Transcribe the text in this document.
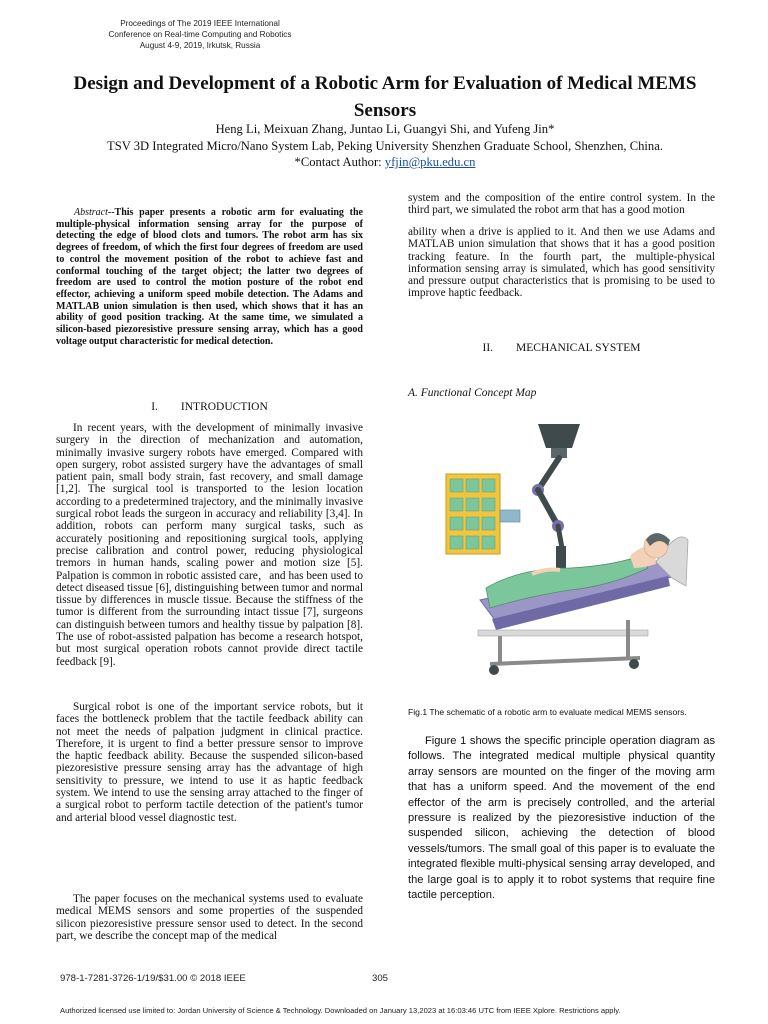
Proceedings of The 2019 IEEE International
Conference on Real-time Computing and Robotics
August 4-9, 2019, Irkutsk, Russia
Design and Development of a Robotic Arm for Evaluation of Medical MEMS
Sensors
Heng Li, Meixuan Zhang, Juntao Li, Guangyi Shi, and Yufeng Jin*
TSV 3D Integrated Micro/Nano System Lab, Peking University Shenzhen Graduate School, Shenzhen, China.
*Contact Author: yfjin@pku.edu.cn
Abstract--This paper presents a robotic arm for evaluating the multiple-physical information sensing array for the purpose of detecting the edge of blood clots and tumors. The robot arm has six degrees of freedom, of which the first four degrees of freedom are used to control the movement position of the robot to achieve fast and conformal touching of the target object; the latter two degrees of freedom are used to control the motion posture of the robot end effector, achieving a uniform speed mobile detection. The Adams and MATLAB union simulation is then used, which shows that it has an ability of good position tracking. At the same time, we simulated a silicon-based piezoresistive pressure sensing array, which has a good voltage output characteristic for medical detection.
I.  INTRODUCTION

In recent years, with the development of minimally invasive surgery in the direction of mechanization and automation, minimally invasive surgery robots have emerged. Compared with open surgery, robot assisted surgery have the advantages of small patient pain, small body strain, fast recovery, and small damage [1,2]. The surgical tool is transported to the lesion location according to a predetermined trajectory, and the minimally invasive surgical robot leads the surgeon in accuracy and reliability [3,4]. In addition, robots can perform many surgical tasks, such as accurately positioning and repositioning surgical tools, applying precise calibration and control power, reducing physiological tremors in human hands, scaling power and motion size [5]. Palpation is common in robotic assisted care，and has been used to detect diseased tissue [6], distinguishing between tumor and normal tissue by differences in muscle tissue. Because the stiffness of the tumor is different from the surrounding intact tissue [7], surgeons can distinguish between tumors and healthy tissue by palpation [8]. The use of robot-assisted palpation has become a research hotspot, but most surgical operation robots cannot provide direct tactile feedback [9].

Surgical robot is one of the important service robots, but it faces the bottleneck problem that the tactile feedback ability can not meet the needs of palpation judgment in clinical practice. Therefore, it is urgent to find a better pressure sensor to improve the haptic feedback ability. Because the suspended silicon-based piezoresistive pressure sensing array has the advantage of high sensitivity to pressure, we intend to use it as haptic feedback system. We intend to use the sensing array attached to the finger of a surgical robot to perform tactile detection of the patient's tumor and arterial blood vessel diagnostic test.

The paper focuses on the mechanical systems used to evaluate medical MEMS sensors and some properties of the suspended silicon piezoresistive pressure sensor used to detect. In the second part, we describe the concept map of the medical

system and the composition of the entire control system. In the third part, we simulated the robot arm that has a good motion
ability when a drive is applied to it. And then we use Adams and MATLAB union simulation that shows that it has a good position tracking feature. In the fourth part, the multiple-physical information sensing array is simulated, which has good sensitivity and pressure output characteristics that is promising to be used to improve haptic feedback.
II.  MECHANICAL SYSTEM
A. Functional Concept Map
Fig.1 The schematic of a robotic arm to evaluate medical MEMS sensors.

Figure 1 shows the specific principle operation diagram as follows. The integrated medical multiple physical quantity array sensors are mounted on the finger of the moving arm that has a uniform speed. And the movement of the end effector of the arm is precisely controlled, and the arterial pressure is realized by the piezoresistive induction of the suspended silicon, achieving the detection of blood vessels/tumors. The small goal of this paper is to evaluate the integrated flexible multi-physical sensing array developed, and the large goal is to apply it to robot systems that require fine tactile perception.

978-1-7281-3726-1/19/$31.00 © 2018 IEEE	305
Authorized licensed use limited to: Jordan University of Science & Technology. Downloaded on January 13,2023 at 16:03:46 UTC from IEEE Xplore. Restrictions apply.
